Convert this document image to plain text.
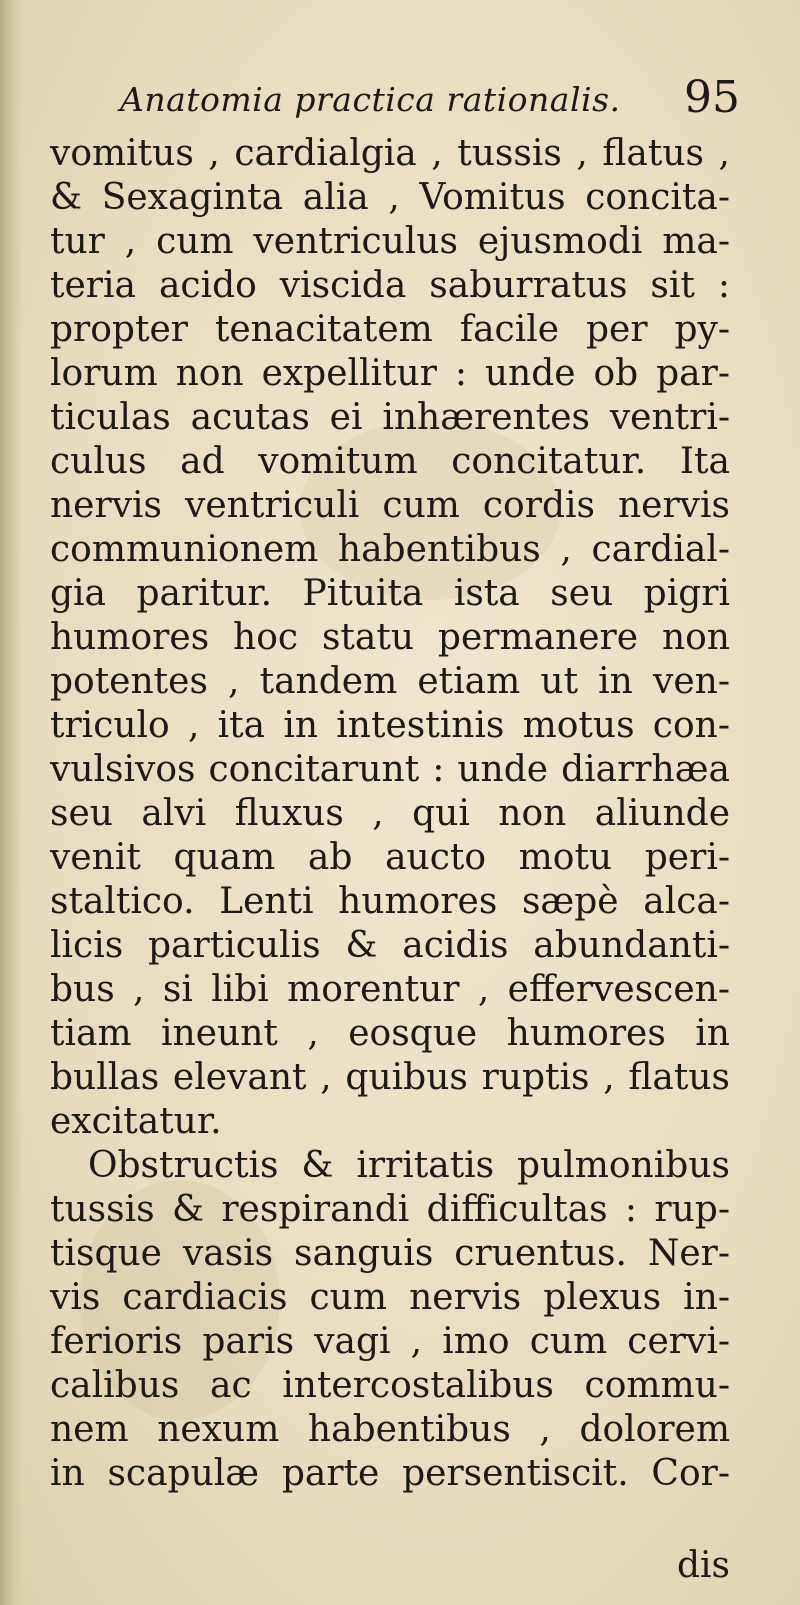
Anatomia practica rationalis. 95
vomitus , cardialgia , tussis , flatus ,
& Sexaginta alia , Vomitus concita-
tur , cum ventriculus ejusmodi ma-
teria acido viscida saburratus sit :
propter tenacitatem facile per py-
lorum non expellitur : unde ob par-
ticulas acutas ei inhærentes ventri-
culus ad vomitum concitatur. Ita
nervis ventriculi cum cordis nervis
communionem habentibus , cardial-
gia paritur. Pituita ista seu pigri
humores hoc statu permanere non
potentes , tandem etiam ut in ven-
triculo , ita in intestinis motus con-
vulsivos concitarunt : unde diarrhæa
seu alvi fluxus , qui non aliunde
venit quam ab aucto motu peri-
staltico. Lenti humores sæpè alca-
licis particulis & acidis abundanti-
bus , si libi morentur , effervescen-
tiam ineunt , eosque humores in
bullas elevant , quibus ruptis , flatus
excitatur.
Obstructis & irritatis pulmonibus
tussis & respirandi difficultas : rup-
tisque vasis sanguis cruentus. Ner-
vis cardiacis cum nervis plexus in-
ferioris paris vagi , imo cum cervi-
calibus ac intercostalibus commu-
nem nexum habentibus , dolorem
in scapulæ parte persentiscit. Cor-
dis
